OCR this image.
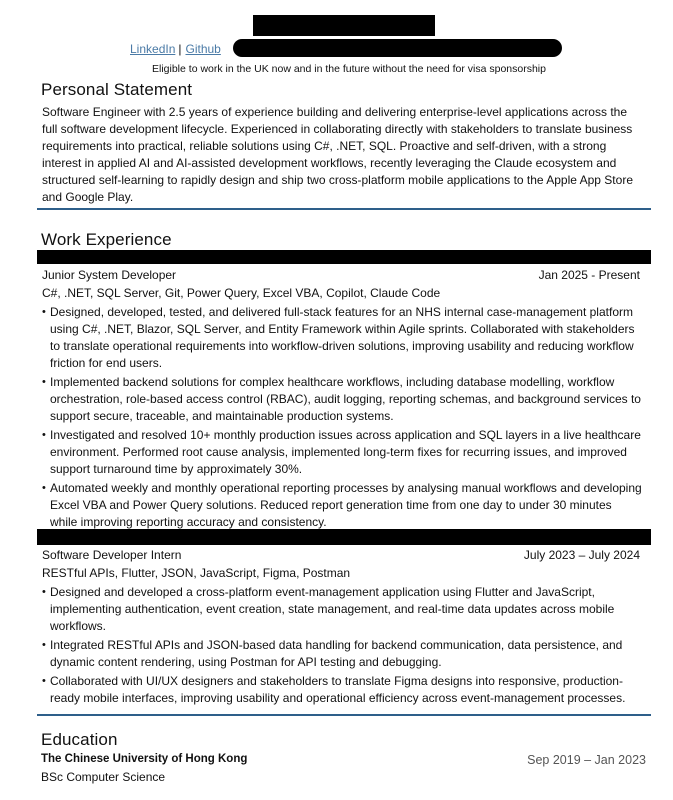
LinkedIn | Github
Eligible to work in the UK now and in the future without the need for visa sponsorship
Personal Statement

Software Engineer with 2.5 years of experience building and delivering enterprise-level applications across the full software development lifecycle. Experienced in collaborating directly with stakeholders to translate business requirements into practical, reliable solutions using C#, .NET, SQL. Proactive and self-driven, with a strong interest in applied AI and AI-assisted development workflows, recently leveraging the Claude ecosystem and structured self-learning to rapidly design and ship two cross-platform mobile applications to the Apple App Store and Google Play.

Work Experience
Junior System Developer	Jan 2025 - Present
C#, .NET, SQL Server, Git, Power Query, Excel VBA, Copilot, Claude Code
• Designed, developed, tested, and delivered full-stack features for an NHS internal case-management platform using C#, .NET, Blazor, SQL Server, and Entity Framework within Agile sprints. Collaborated with stakeholders to translate operational requirements into workflow-driven solutions, improving usability and reducing workflow friction for end users.
• Implemented backend solutions for complex healthcare workflows, including database modelling, workflow orchestration, role-based access control (RBAC), audit logging, reporting schemas, and background services to support secure, traceable, and maintainable production systems.
• Investigated and resolved 10+ monthly production issues across application and SQL layers in a live healthcare environment. Performed root cause analysis, implemented long-term fixes for recurring issues, and improved support turnaround time by approximately 30%.
• Automated weekly and monthly operational reporting processes by analysing manual workflows and developing Excel VBA and Power Query solutions. Reduced report generation time from one day to under 30 minutes while improving reporting accuracy and consistency.
Software Developer Intern	July 2023 – July 2024
RESTful APIs, Flutter, JSON, JavaScript, Figma, Postman
• Designed and developed a cross-platform event-management application using Flutter and JavaScript, implementing authentication, event creation, state management, and real-time data updates across mobile workflows.
• Integrated RESTful APIs and JSON-based data handling for backend communication, data persistence, and dynamic content rendering, using Postman for API testing and debugging.
• Collaborated with UI/UX designers and stakeholders to translate Figma designs into responsive, production-ready mobile interfaces, improving usability and operational efficiency across event-management processes.
Education
The Chinese University of Hong Kong	Sep 2019 – Jan 2023
BSc Computer Science
